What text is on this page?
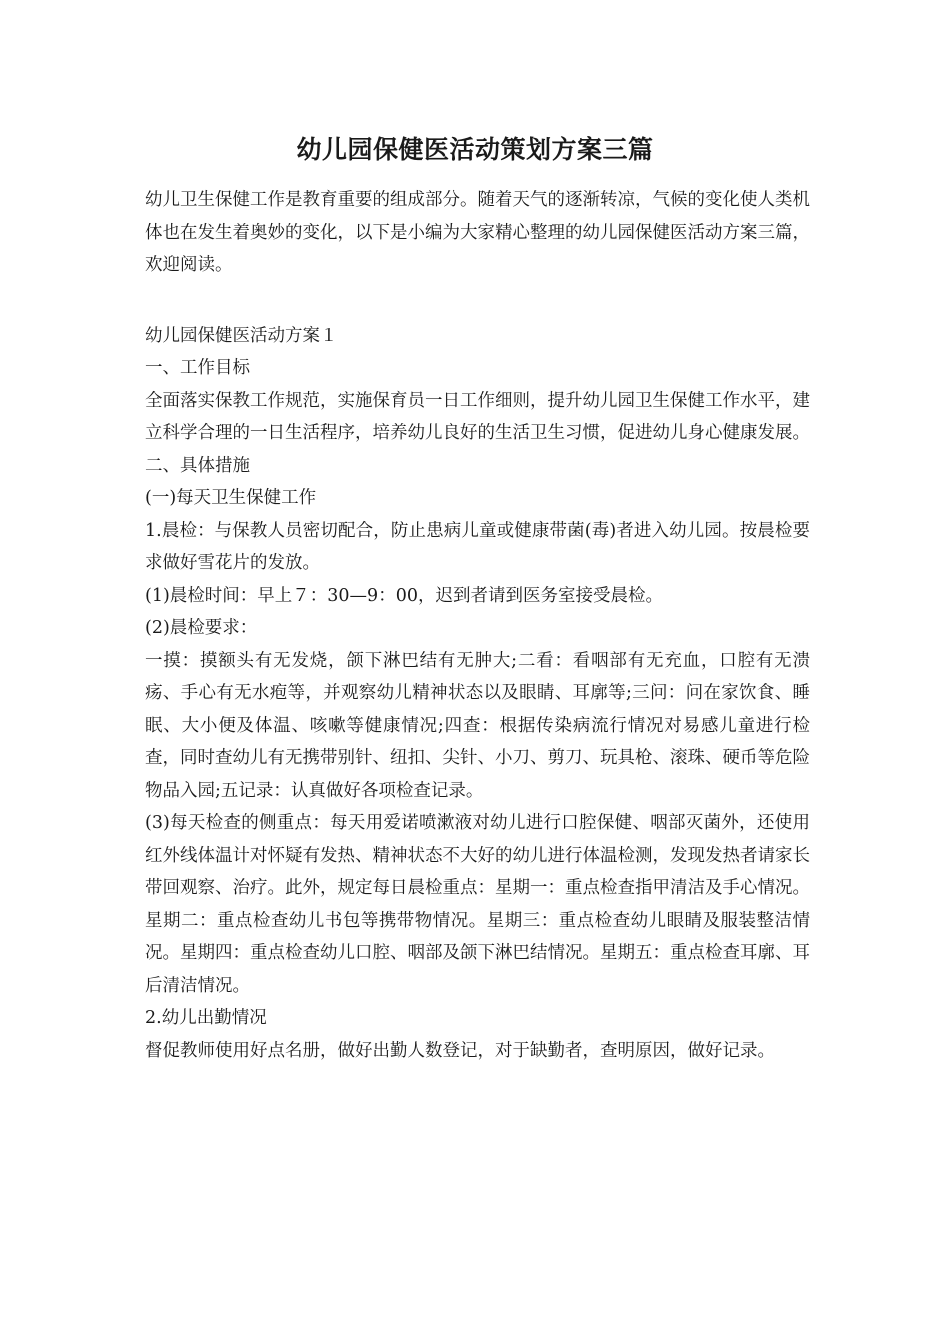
幼儿园保健医活动策划方案三篇

幼儿卫生保健工作是教育重要的组成部分。随着天气的逐渐转凉，气候的变化使人类机体也在发生着奥妙的变化，以下是小编为大家精心整理的幼儿园保健医活动方案三篇，欢迎阅读。

幼儿园保健医活动方案１

一、工作目标

全面落实保教工作规范，实施保育员一日工作细则，提升幼儿园卫生保健工作水平，建立科学合理的一日生活程序，培养幼儿良好的生活卫生习惯，促进幼儿身心健康发展。

二、具体措施

(一)每天卫生保健工作

1.晨检：与保教人员密切配合，防止患病儿童或健康带菌(毒)者进入幼儿园。按晨检要求做好雪花片的发放。

(1)晨检时间：早上７：30—9：00，迟到者请到医务室接受晨检。

(2)晨检要求：

一摸：摸额头有无发烧，颌下淋巴结有无肿大;二看：看咽部有无充血，口腔有无溃疡、手心有无水疱等，并观察幼儿精神状态以及眼睛、耳廓等;三问：问在家饮食、睡眠、大小便及体温、咳嗽等健康情况;四查：根据传染病流行情况对易感儿童进行检查，同时查幼儿有无携带别针、纽扣、尖针、小刀、剪刀、玩具枪、滚珠、硬币等危险物品入园;五记录：认真做好各项检查记录。

(3)每天检查的侧重点：每天用爱诺喷漱液对幼儿进行口腔保健、咽部灭菌外，还使用红外线体温计对怀疑有发热、精神状态不大好的幼儿进行体温检测，发现发热者请家长带回观察、治疗。此外，规定每日晨检重点：星期一：重点检查指甲清洁及手心情况。星期二：重点检查幼儿书包等携带物情况。星期三：重点检查幼儿眼睛及服装整洁情况。星期四：重点检查幼儿口腔、咽部及颌下淋巴结情况。星期五：重点检查耳廓、耳后清洁情况。

2.幼儿出勤情况

督促教师使用好点名册，做好出勤人数登记，对于缺勤者，查明原因，做好记录。
